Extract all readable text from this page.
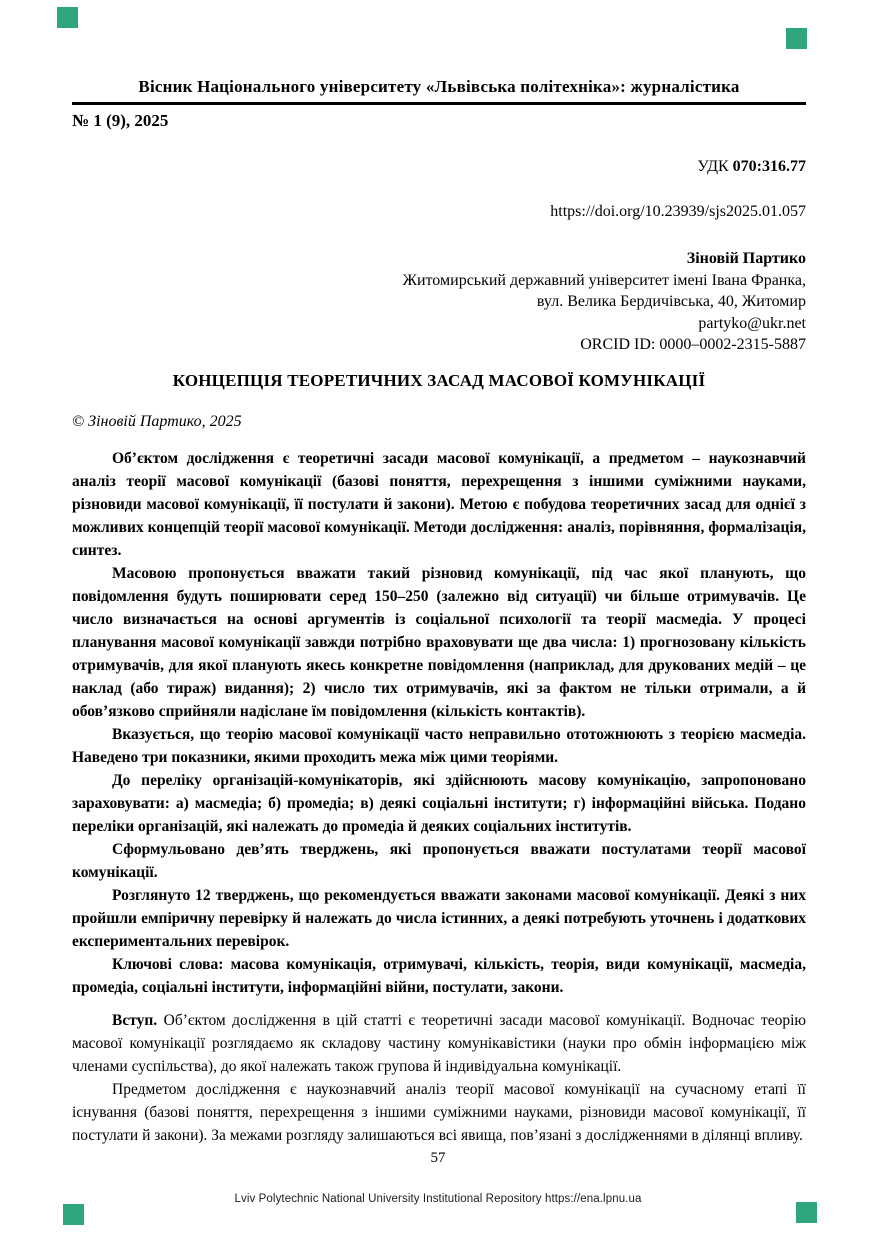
Вісник Національного університету «Львівська політехніка»: журналістика
№ 1 (9), 2025
УДК 070:316.77
https://doi.org/10.23939/sjs2025.01.057
Зіновій Партико
Житомирський державний університет імені Івана Франка,
вул. Велика Бердичівська, 40, Житомир
partyko@ukr.net
ORCID ID: 0000–0002-2315-5887
КОНЦЕПЦІЯ ТЕОРЕТИЧНИХ ЗАСАД МАСОВОЇ КОМУНІКАЦІЇ
© Зіновій Партико, 2025

Об’єктом дослідження є теоретичні засади масової комунікації, а предметом – наукознавчий аналіз теорії масової комунікації (базові поняття, перехрещення з іншими суміжними науками, різновиди масової комунікації, її постулати й закони). Метою є побудова теоретичних засад для однієї з можливих концепцій теорії масової комунікації. Методи дослідження: аналіз, порівняння, формалізація, синтез.

Масовою пропонується вважати такий різновид комунікації, під час якої планують, що повідомлення будуть поширювати серед 150–250 (залежно від ситуації) чи більше отримувачів. Це число визначається на основі аргументів із соціальної психології та теорії масмедіа. У процесі планування масової комунікації завжди потрібно враховувати ще два числа: 1) прогнозовану кількість отримувачів, для якої планують якесь конкретне повідомлення (наприклад, для друкованих медій – це наклад (або тираж) видання); 2) число тих отримувачів, які за фактом не тільки отримали, а й обов’язково сприйняли надіслане їм повідомлення (кількість контактів).

Вказується, що теорію масової комунікації часто неправильно ототожнюють з теорією масмедіа. Наведено три показники, якими проходить межа між цими теоріями.

До переліку організацій-комунікаторів, які здійснюють масову комунікацію, запропоновано зараховувати: а) масмедіа; б) промедіа; в) деякі соціальні інститути; г) інформаційні війська. Подано переліки організацій, які належать до промедіа й деяких соціальних інститутів.

Сформульовано дев’ять тверджень, які пропонується вважати постулатами теорії масової комунікації.

Розглянуто 12 тверджень, що рекомендується вважати законами масової комунікації. Деякі з них пройшли емпіричну перевірку й належать до числа істинних, а деякі потребують уточнень і додаткових експериментальних перевірок.

Ключові слова: масова комунікація, отримувачі, кількість, теорія, види комунікації, масмедіа, промедіа, соціальні інститути, інформаційні війни, постулати, закони.

Вступ. Об’єктом дослідження в цій статті є теоретичні засади масової комунікації. Водночас теорію масової комунікації розглядаємо як складову частину комунікавістики (науки про обмін інформацією між членами суспільства), до якої належать також групова й індивідуальна комунікації.

Предметом дослідження є наукознавчий аналіз теорії масової комунікації на сучасному етапі її існування (базові поняття, перехрещення з іншими суміжними науками, різновиди масової комунікації, її постулати й закони). За межами розгляду залишаються всі явища, пов’язані з дослідженнями в ділянці впливу.

57
Lviv Polytechnic National University Institutional Repository https://ena.lpnu.ua
